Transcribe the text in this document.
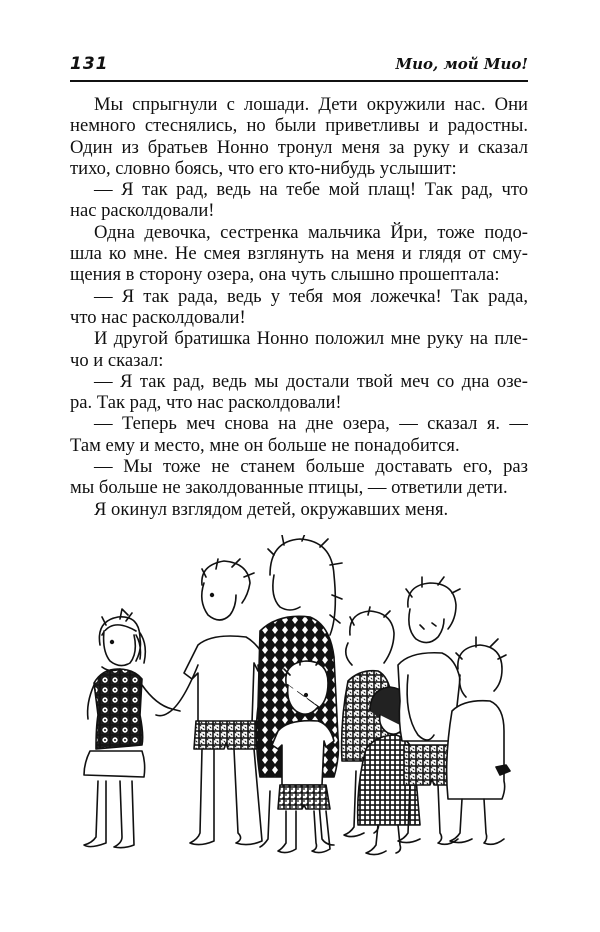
131	Мио, мой Мио!
Мы спрыгнули с лошади. Дети окружили нас. Они
немного стеснялись, но были приветливы и радостны.
Один из братьев Нонно тронул меня за руку и сказал
тихо, словно боясь, что его кто-нибудь услышит:
— Я так рад, ведь на тебе мой плащ! Так рад, что
нас расколдовали!
Одна девочка, сестренка мальчика Йри, тоже подо-
шла ко мне. Не смея взглянуть на меня и глядя от сму-
щения в сторону озера, она чуть слышно прошептала:
— Я так рада, ведь у тебя моя ложечка! Так рада,
что нас расколдовали!
И другой братишка Нонно положил мне руку на пле-
чо и сказал:
— Я так рад, ведь мы достали твой меч со дна озе-
ра. Так рад, что нас расколдовали!
— Теперь меч снова на дне озера, — сказал я. —
Там ему и место, мне он больше не понадобится.
— Мы тоже не станем больше доставать его, раз
мы больше не заколдованные птицы, — ответили дети.
Я окинул взглядом детей, окружавших меня.
